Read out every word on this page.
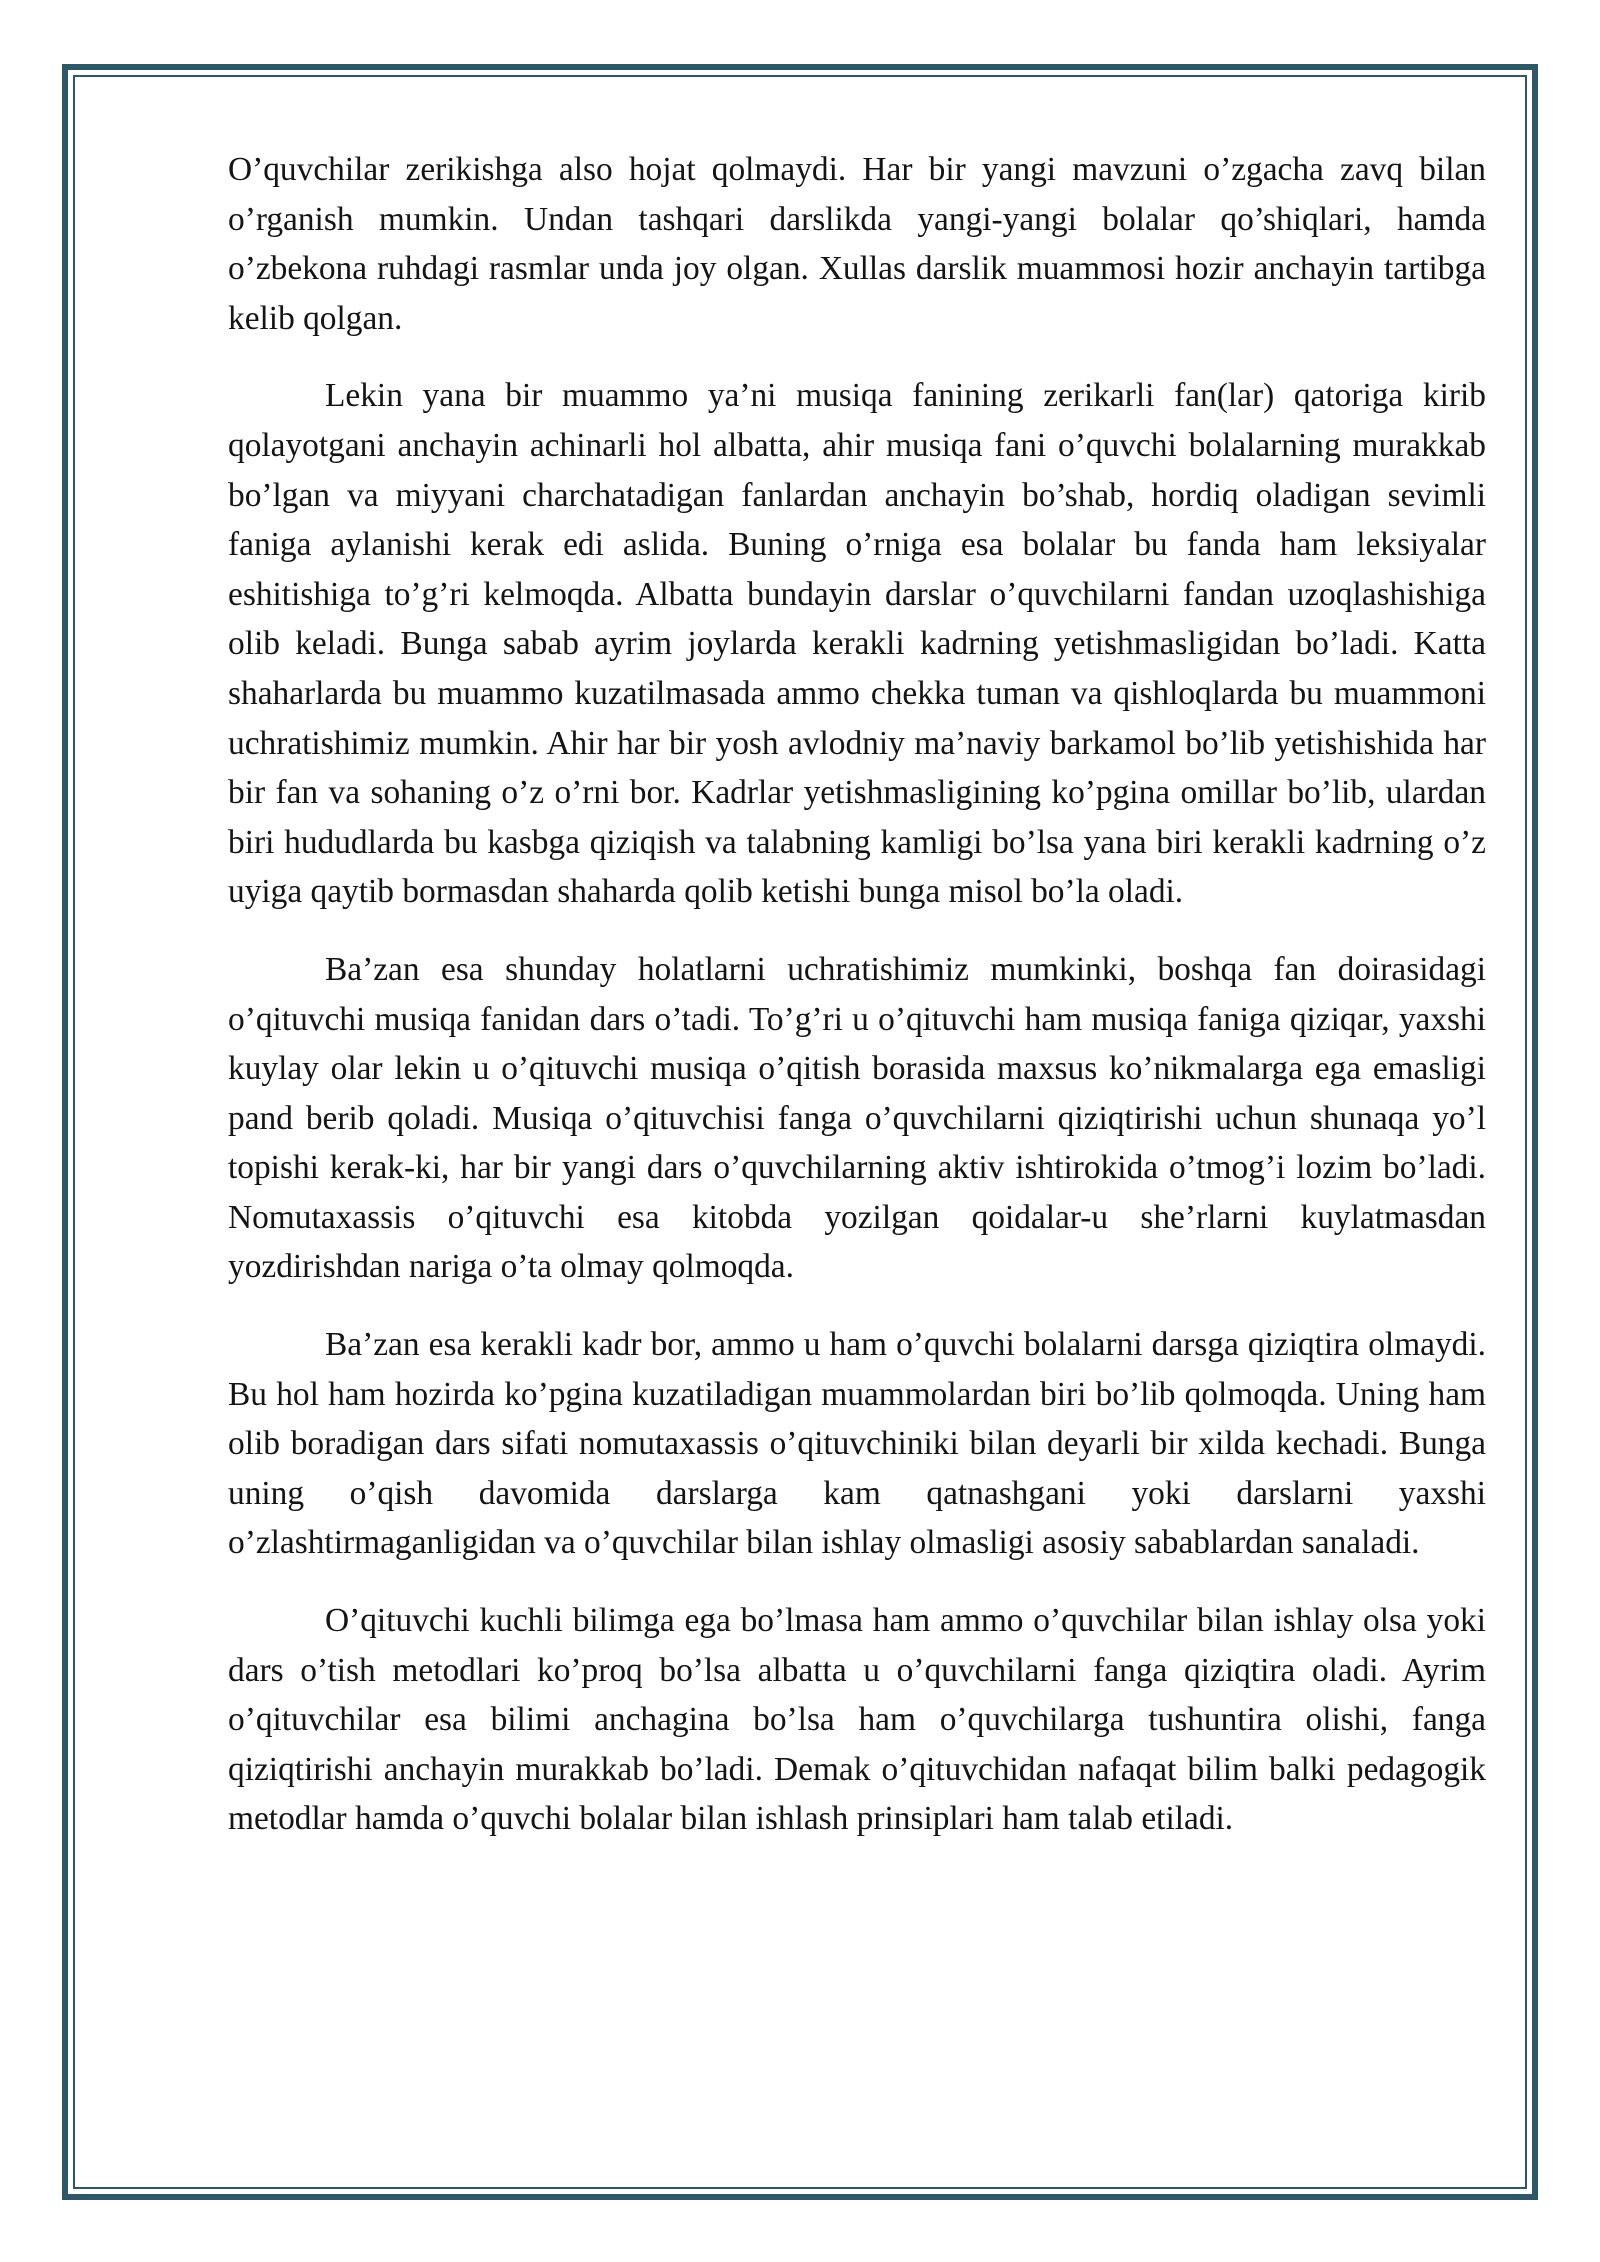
O’quvchilar zerikishga also hojat qolmaydi. Har bir yangi mavzuni o’zgacha zavq bilan o’rganish mumkin. Undan tashqari darslikda yangi-yangi bolalar qo’shiqlari, hamda o’zbekona ruhdagi rasmlar unda joy olgan. Xullas darslik muammosi hozir anchayin tartibga kelib qolgan.

Lekin yana bir muammo ya’ni musiqa fanining zerikarli fan(lar) qatoriga kirib qolayotgani anchayin achinarli hol albatta, ahir musiqa fani o’quvchi bolalarning murakkab bo’lgan va miyyani charchatadigan fanlardan anchayin bo’shab, hordiq oladigan sevimli faniga aylanishi kerak edi aslida. Buning o’rniga esa bolalar bu fanda ham leksiyalar eshitishiga to’g’ri kelmoqda. Albatta bundayin darslar o’quvchilarni fandan uzoqlashishiga olib keladi. Bunga sabab ayrim joylarda kerakli kadrning yetishmasligidan bo’ladi. Katta shaharlarda bu muammo kuzatilmasada ammo chekka tuman va qishloqlarda bu muammoni uchratishimiz mumkin. Ahir har bir yosh avlodniy ma’naviy barkamol bo’lib yetishishida har bir fan va sohaning o’z o’rni bor. Kadrlar yetishmasligining ko’pgina omillar bo’lib, ulardan biri hududlarda bu kasbga qiziqish va talabning kamligi bo’lsa yana biri kerakli kadrning o’z uyiga qaytib bormasdan shaharda qolib ketishi bunga misol bo’la oladi.

Ba’zan esa shunday holatlarni uchratishimiz mumkinki, boshqa fan doirasidagi o’qituvchi musiqa fanidan dars o’tadi. To’g’ri u o’qituvchi ham musiqa faniga qiziqar, yaxshi kuylay olar lekin u o’qituvchi musiqa o’qitish borasida maxsus ko’nikmalarga ega emasligi pand berib qoladi. Musiqa o’qituvchisi fanga o’quvchilarni qiziqtirishi uchun shunaqa yo’l topishi kerak-ki, har bir yangi dars o’quvchilarning aktiv ishtirokida o’tmog’i lozim bo’ladi. Nomutaxassis o’qituvchi esa kitobda yozilgan qoidalar-u she’rlarni kuylatmasdan yozdirishdan nariga o’ta olmay qolmoqda.

Ba’zan esa kerakli kadr bor, ammo u ham o’quvchi bolalarni darsga qiziqtira olmaydi. Bu hol ham hozirda ko’pgina kuzatiladigan muammolardan biri bo’lib qolmoqda. Uning ham olib boradigan dars sifati nomutaxassis o’qituvchiniki bilan deyarli bir xilda kechadi. Bunga uning o’qish davomida darslarga kam qatnashgani yoki darslarni yaxshi o’zlashtirmaganligidan va o’quvchilar bilan ishlay olmasligi asosiy sabablardan sanaladi.

O’qituvchi kuchli bilimga ega bo’lmasa ham ammo o’quvchilar bilan ishlay olsa yoki dars o’tish metodlari ko’proq bo’lsa albatta u o’quvchilarni fanga qiziqtira oladi. Ayrim o’qituvchilar esa bilimi anchagina bo’lsa ham o’quvchilarga tushuntira olishi, fanga qiziqtirishi anchayin murakkab bo’ladi. Demak o’qituvchidan nafaqat bilim balki pedagogik metodlar hamda o’quvchi bolalar bilan ishlash prinsiplari ham talab etiladi.
